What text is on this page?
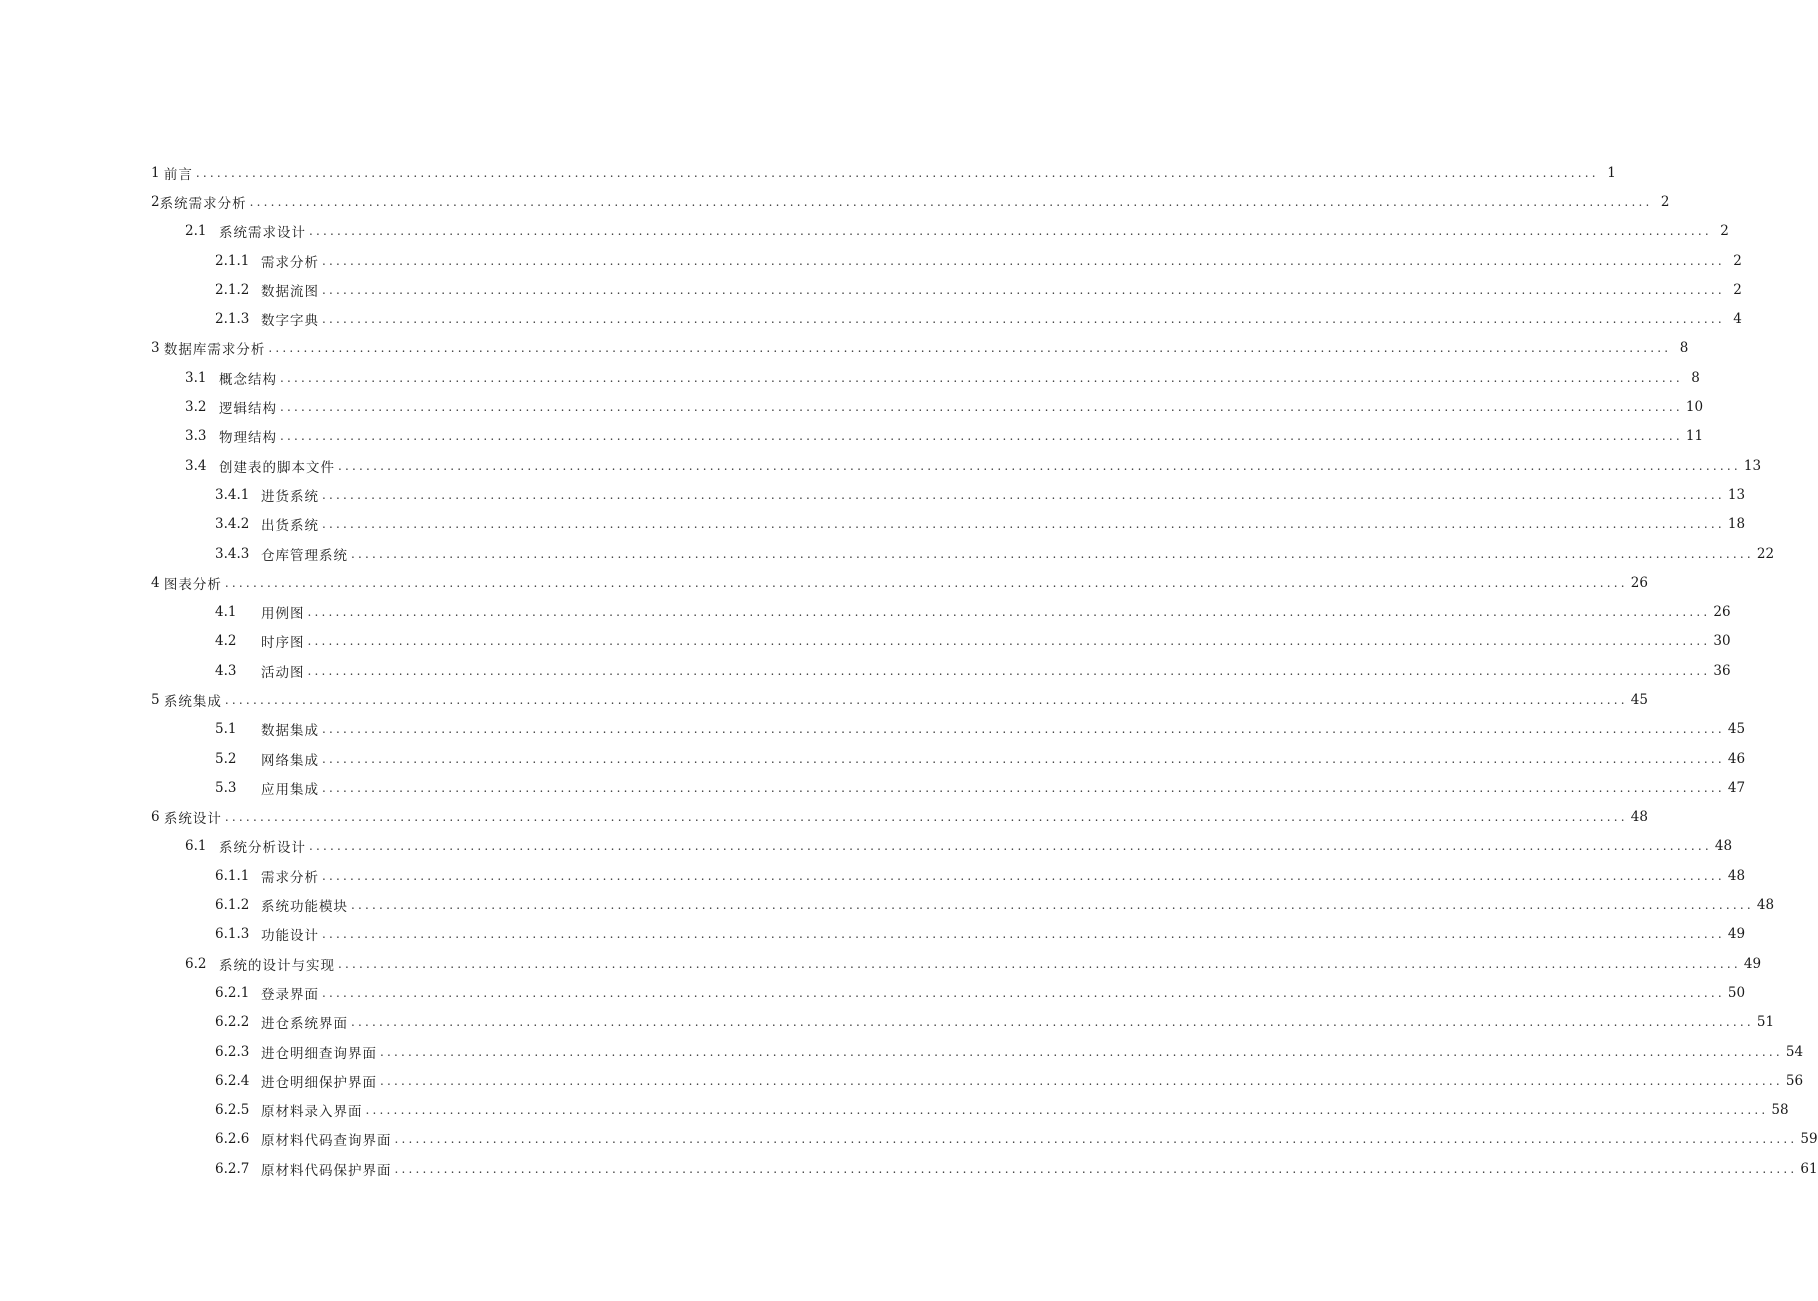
1 前言 ........................................................................................................................................................................................................ 1
2 系统需求分析 ........................................................................................................................................................................................................ 2
2.1 系统需求设计 ........................................................................................................................................................................................................ 2
2.1.1 需求分析 ........................................................................................................................................................................................................ 2
2.1.2 数据流图 ........................................................................................................................................................................................................ 2
2.1.3 数字字典 ........................................................................................................................................................................................................ 4
3 数据库需求分析 ........................................................................................................................................................................................................ 8
3.1 概念结构 ........................................................................................................................................................................................................ 8
3.2 逻辑结构 ........................................................................................................................................................................................................ 10
3.3 物理结构 ........................................................................................................................................................................................................ 11
3.4 创建表的脚本文件 ........................................................................................................................................................................................................ 13
3.4.1 进货系统 ........................................................................................................................................................................................................ 13
3.4.2 出货系统 ........................................................................................................................................................................................................ 18
3.4.3 仓库管理系统 ........................................................................................................................................................................................................ 22
4 图表分析 ........................................................................................................................................................................................................ 26
4.1	用例图 ........................................................................................................................................................................................................ 26
4.2	时序图 ........................................................................................................................................................................................................ 30
4.3	活动图 ........................................................................................................................................................................................................ 36
5 系统集成 ........................................................................................................................................................................................................ 45
5.1	数据集成 ........................................................................................................................................................................................................ 45
5.2	网络集成 ........................................................................................................................................................................................................ 46
5.3	应用集成 ........................................................................................................................................................................................................ 47
6 系统设计 ........................................................................................................................................................................................................ 48
6.1 系统分析设计 ........................................................................................................................................................................................................ 48
6.1.1 需求分析 ........................................................................................................................................................................................................ 48
6.1.2 系统功能模块 ........................................................................................................................................................................................................ 48
6.1.3 功能设计 ........................................................................................................................................................................................................ 49
6.2 系统的设计与实现 ........................................................................................................................................................................................................ 49
6.2.1 登录界面 ........................................................................................................................................................................................................ 50
6.2.2 进仓系统界面 ........................................................................................................................................................................................................ 51
6.2.3 进仓明细查询界面 ........................................................................................................................................................................................................ 54
6.2.4 进仓明细保护界面 ........................................................................................................................................................................................................ 56
6.2.5 原材料录入界面 ........................................................................................................................................................................................................ 58
6.2.6 原材料代码查询界面 ........................................................................................................................................................................................................ 59
6.2.7 原材料代码保护界面 ........................................................................................................................................................................................................ 61
